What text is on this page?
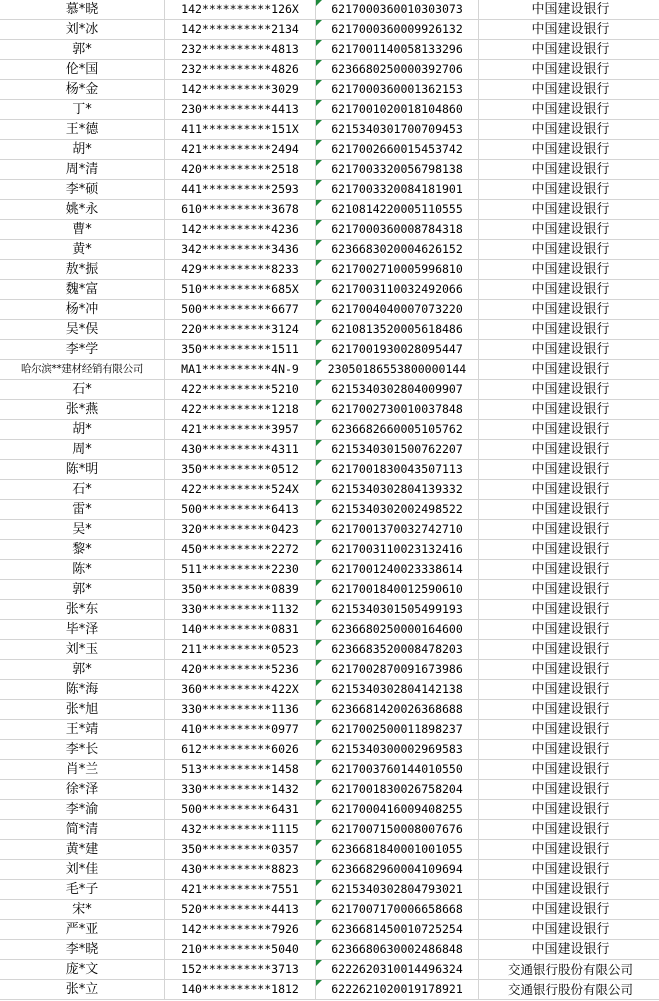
慕*晓	142**********126X	6217000360010303073	中国建设银行
刘*冰	142**********2134	6217000360009926132	中国建设银行
郭*	232**********4813	6217001140058133296	中国建设银行
伦*国	232**********4826	6236680250000392706	中国建设银行
杨*金	142**********3029	6217000360001362153	中国建设银行
丁*	230**********4413	6217001020018104860	中国建设银行
王*德	411**********151X	6215340301700709453	中国建设银行
胡*	421**********2494	6217002660015453742	中国建设银行
周*清	420**********2518	6217003320056798138	中国建设银行
李*硕	441**********2593	6217003320084181901	中国建设银行
姚*永	610**********3678	6210814220005110555	中国建设银行
曹*	142**********4236	6217000360008784318	中国建设银行
黄*	342**********3436	6236683020004626152	中国建设银行
敖*振	429**********8233	6217002710005996810	中国建设银行
魏*富	510**********685X	6217003110032492066	中国建设银行
杨*冲	500**********6677	6217004040007073220	中国建设银行
吴*俣	220**********3124	6210813520005618486	中国建设银行
李*学	350**********1511	6217001930028095447	中国建设银行
哈尔滨**建材经销有限公司	MA1**********4N-9	23050186553800000144	中国建设银行
石*	422**********5210	6215340302804009907	中国建设银行
张*燕	422**********1218	6217002730010037848	中国建设银行
胡*	421**********3957	6236682660005105762	中国建设银行
周*	430**********4311	6215340301500762207	中国建设银行
陈*明	350**********0512	6217001830043507113	中国建设银行
石*	422**********524X	6215340302804139332	中国建设银行
雷*	500**********6413	6215340302002498522	中国建设银行
吴*	320**********0423	6217001370032742710	中国建设银行
黎*	450**********2272	6217003110023132416	中国建设银行
陈*	511**********2230	6217001240023338614	中国建设银行
郭*	350**********0839	6217001840012590610	中国建设银行
张*东	330**********1132	6215340301505499193	中国建设银行
毕*泽	140**********0831	6236680250000164600	中国建设银行
刘*玉	211**********0523	6236683520008478203	中国建设银行
郭*	420**********5236	6217002870091673986	中国建设银行
陈*海	360**********422X	6215340302804142138	中国建设银行
张*旭	330**********1136	6236681420026368688	中国建设银行
王*靖	410**********0977	6217002500011898237	中国建设银行
李*长	612**********6026	6215340300002969583	中国建设银行
肖*兰	513**********1458	6217003760144010550	中国建设银行
徐*泽	330**********1432	6217001830026758204	中国建设银行
李*渝	500**********6431	6217000416009408255	中国建设银行
简*清	432**********1115	6217007150008007676	中国建设银行
黄*建	350**********0357	6236681840001001055	中国建设银行
刘*佳	430**********8823	6236682960004109694	中国建设银行
毛*子	421**********7551	6215340302804793021	中国建设银行
宋*	520**********4413	6217007170006658668	中国建设银行
严*亚	142**********7926	6236681450010725254	中国建设银行
李*晓	210**********5040	6236680630002486848	中国建设银行
庞*文	152**********3713	6222620310014496324	交通银行股份有限公司
张*立	140**********1812	6222621020019178921	交通银行股份有限公司
